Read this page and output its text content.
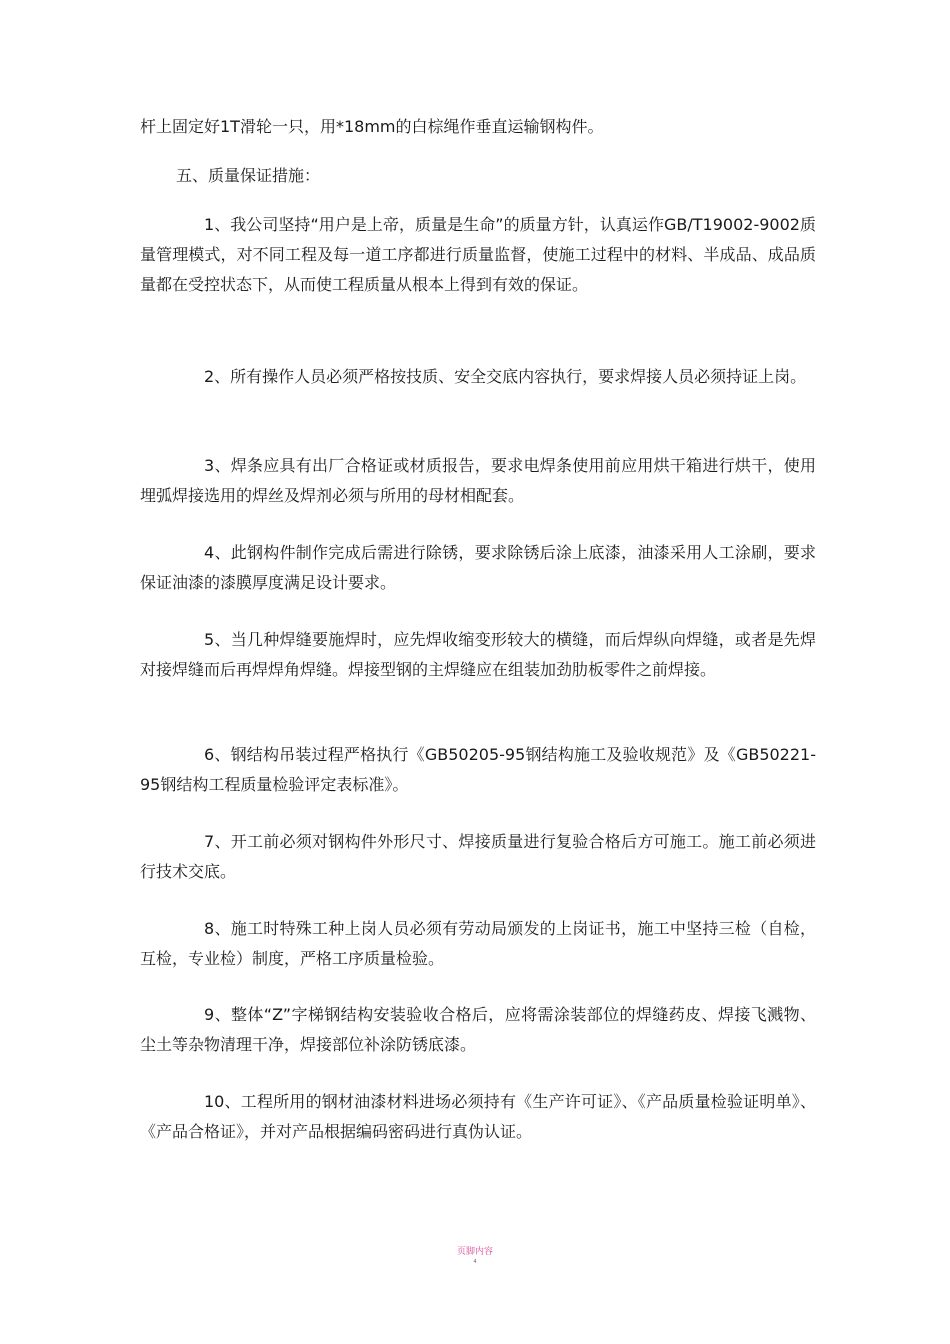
杆上固定好1T滑轮一只，用*18mm的白棕绳作垂直运输钢构件。

五、质量保证措施：

1、我公司坚持“用户是上帝，质量是生命”的质量方针，认真运作GB/T19002-9002质量管理模式，对不同工程及每一道工序都进行质量监督，使施工过程中的材料、半成品、成品质量都在受控状态下，从而使工程质量从根本上得到有效的保证。

2、所有操作人员必须严格按技质、安全交底内容执行，要求焊接人员必须持证上岗。

3、焊条应具有出厂合格证或材质报告，要求电焊条使用前应用烘干箱进行烘干，使用埋弧焊接选用的焊丝及焊剂必须与所用的母材相配套。

4、此钢构件制作完成后需进行除锈，要求除锈后涂上底漆，油漆采用人工涂刷，要求保证油漆的漆膜厚度满足设计要求。

5、当几种焊缝要施焊时，应先焊收缩变形较大的横缝，而后焊纵向焊缝，或者是先焊对接焊缝而后再焊焊角焊缝。焊接型钢的主焊缝应在组装加劲肋板零件之前焊接。

6、钢结构吊装过程严格执行《GB50205-95钢结构施工及验收规范》及《GB50221-95钢结构工程质量检验评定表标准》。

7、开工前必须对钢构件外形尺寸、焊接质量进行复验合格后方可施工。施工前必须进行技术交底。

8、施工时特殊工种上岗人员必须有劳动局颁发的上岗证书，施工中坚持三检（自检，互检，专业检）制度，严格工序质量检验。

9、整体“Z”字梯钢结构安装验收合格后，应将需涂装部位的焊缝药皮、焊接飞溅物、尘土等杂物清理干净，焊接部位补涂防锈底漆。

10、工程所用的钢材油漆材料进场必须持有《生产许可证》、《产品质量检验证明单》、《产品合格证》，并对产品根据编码密码进行真伪认证。

页脚内容
4
